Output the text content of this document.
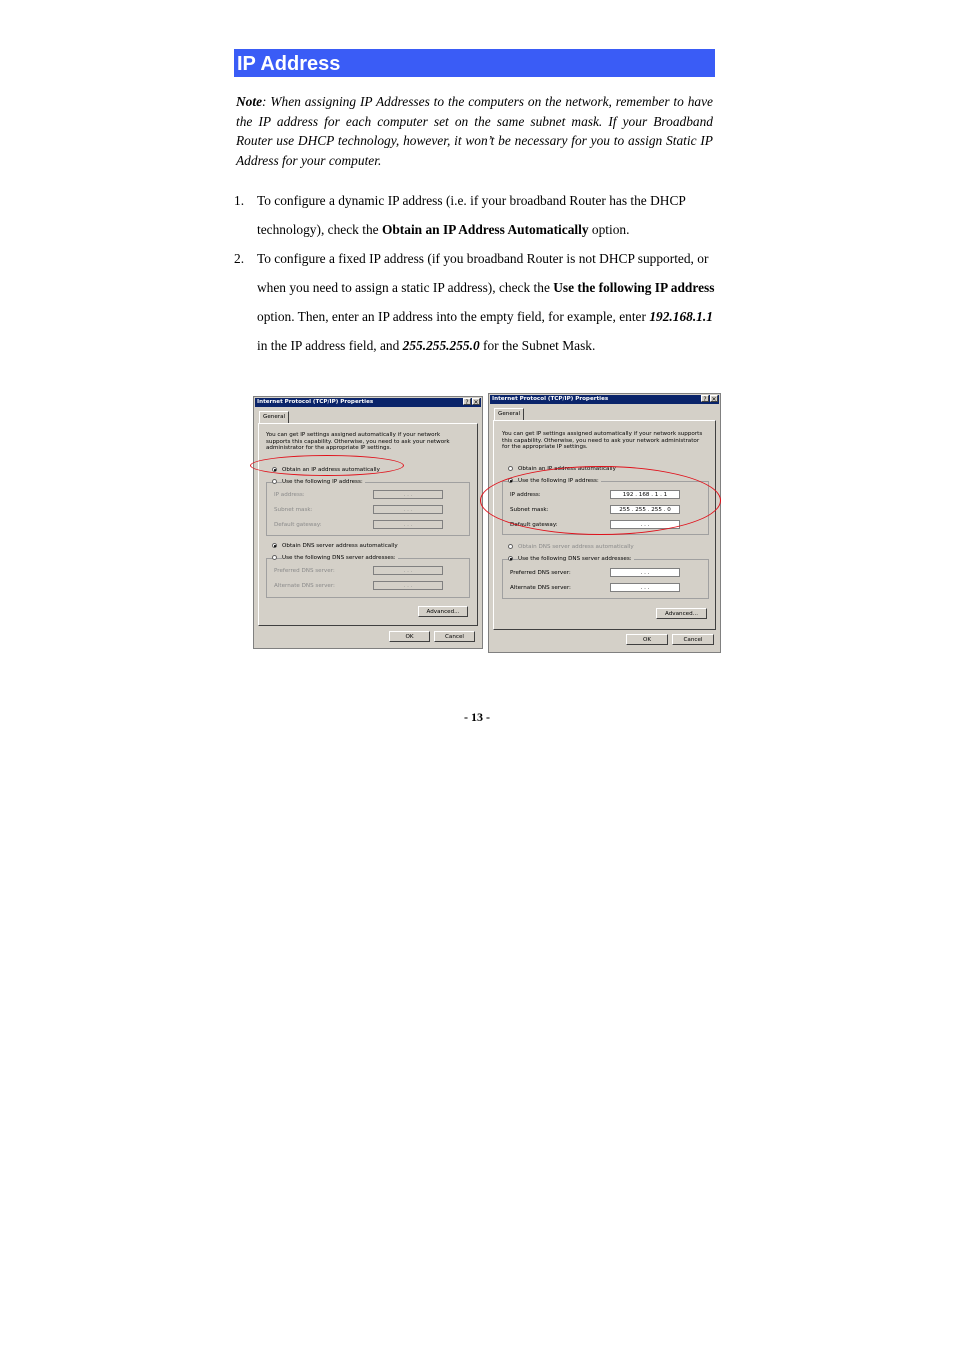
IP Address
Note: When assigning IP Addresses to the computers on the network, remember to have the IP address for each computer set on the same subnet mask. If your Broadband Router use DHCP technology, however, it won’t be necessary for you to assign Static IP Address for your computer.
1. To configure a dynamic IP address (i.e. if your broadband Router has the DHCP technology), check the Obtain an IP Address Automatically option.
2. To configure a fixed IP address (if you broadband Router is not DHCP supported, or when you need to assign a static IP address), check the Use the following IP address option. Then, enter an IP address into the empty field, for example, enter 192.168.1.1 in the IP address field, and 255.255.255.0 for the Subnet Mask.
Internet Protocol (TCP/IP) Properties	? ✕
General
You can get IP settings assigned automatically if your network supports this capability. Otherwise, you need to ask your network administrator for the appropriate IP settings.
Obtain an IP address automatically
Use the following IP address:
IP address:	. . .
Subnet mask:	. . .
Default gateway:	. . .
Obtain DNS server address automatically
Use the following DNS server addresses:
Preferred DNS server:	. . .
Alternate DNS server:	. . .
Advanced...
OK	Cancel
Internet Protocol (TCP/IP) Properties	? ✕
General
You can get IP settings assigned automatically if your network supports this capability. Otherwise, you need to ask your network administrator for the appropriate IP settings.
Obtain an IP address automatically
Use the following IP address:
IP address:	192 . 168 . 1 . 1
Subnet mask:	255 . 255 . 255 . 0
Default gateway:	. . .
Obtain DNS server address automatically
Use the following DNS server addresses:
Preferred DNS server:	. . .
Alternate DNS server:	. . .
Advanced...
OK	Cancel
- 13 -
